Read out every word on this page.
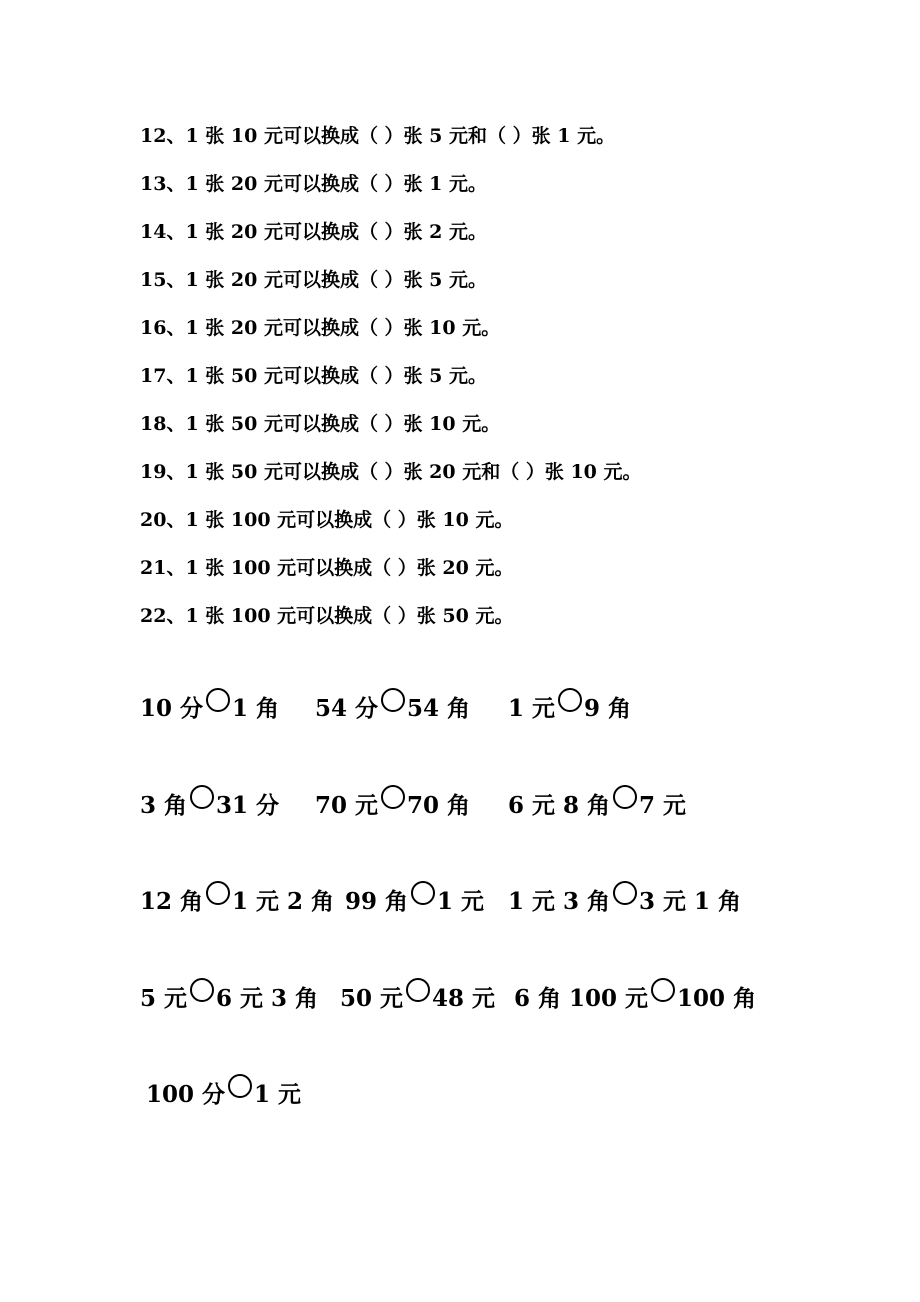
12、1 张 10 元可以换成（ ）张 5 元和（ ）张 1 元。
13、1 张 20 元可以换成（ ）张 1 元。
14、1 张 20 元可以换成（ ）张 2 元。
15、1 张 20 元可以换成（ ）张 5 元。
16、1 张 20 元可以换成（ ）张 10 元。
17、1 张 50 元可以换成（ ）张 5 元。
18、1 张 50 元可以换成（ ）张 10 元。
19、1 张 50 元可以换成（ ）张 20 元和（ ）张 10 元。
20、1 张 100 元可以换成（ ）张 10 元。
21、1 张 100 元可以换成（ ）张 20 元。
22、1 张 100 元可以换成（ ）张 50 元。
10 分 1 角 54 分 54 角 1 元 9 角
3 角 31 分 70 元 70 角 6 元 8 角 7 元
12 角 1 元 2 角 99 角 1 元 1 元 3 角 3 元 1 角
5 元 6 元 3 角 50 元 48 元 6 角 100 元 100 角
100 分 1 元
